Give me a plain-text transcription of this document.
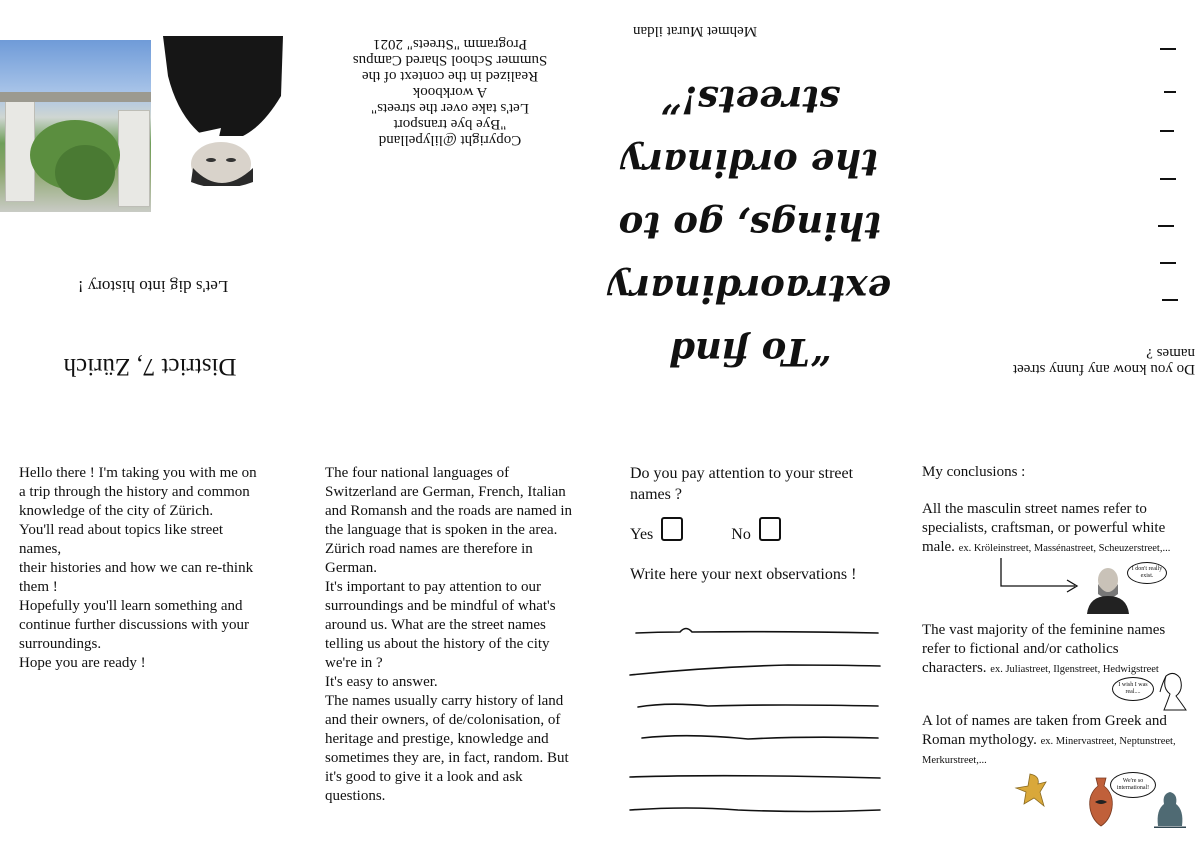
Let's dig into history !
District 7, Zürich
Copyright @lilypelland
"Bye bye transport
Let's take over the streets"
A workbook
Realized in the context of the
Summer School Shared Campus
Programm "Streets" 2021
Mehmet Murat ildan
“To find
extraordinary
things, go to
the ordinary
streets!”
Do you know any funny street names ?
Hello there ! I'm taking you with me on
a trip through the history and common
knowledge of the city of Zürich.
You'll read about topics like street names,
their histories and how we can re-think them !
Hopefully you'll learn something and
continue further discussions with your
surroundings.
Hope you are ready !
The four national languages of Switzerland are German, French, Italian and Romansh and the roads are named in the language that is spoken in the area. Zürich road names are therefore in German.
It's important to pay attention to our surroundings and be mindful of what's around us. What are the street names telling us about the history of the city we're in ?
It's easy to answer.
The names usually carry history of land and their owners, of de/colonisation, of heritage and prestige, knowledge and sometimes they are, in fact, random. But it's good to give it a look and ask questions.
Do you pay attention to your street names ?
Yes	No
Write here your next observations !
My conclusions :
All the masculin street names refer to specialists, craftsman, or powerful white male. ex. Kröleinstreet, Massénastreet, Scheuzerstreet,...
The vast majority of the feminine names refer to fictional and/or catholics characters. ex. Juliastreet, Ilgenstreet, Hedwigstreet
A lot of names are taken from Greek and Roman mythology. ex. Minervastreet, Neptunstreet, Merkurstreet,...
I don't really exist.
I wish I was real....
We're so international!
